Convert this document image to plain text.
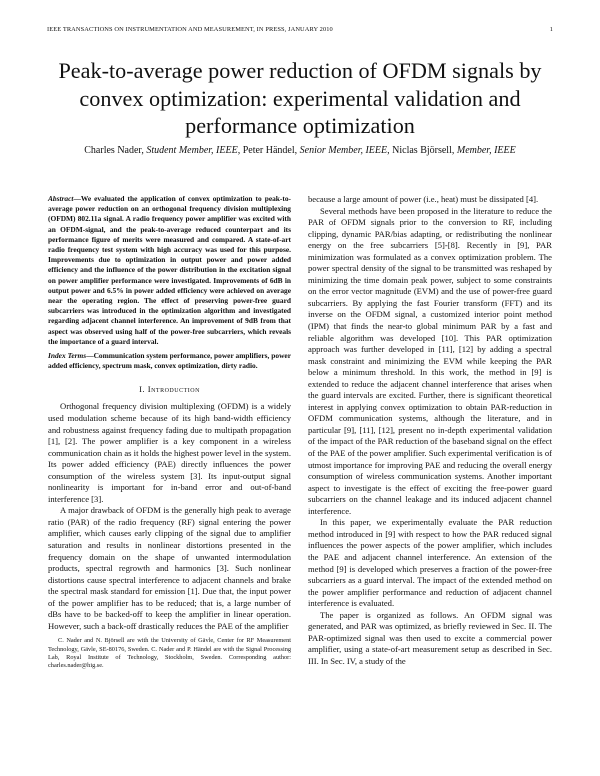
IEEE TRANSACTIONS ON INSTRUMENTATION AND MEASUREMENT, IN PRESS, JANUARY 2010	1
Peak-to-average power reduction of OFDM signals by convex optimization: experimental validation and performance optimization
Charles Nader, Student Member, IEEE, Peter Händel, Senior Member, IEEE, Niclas Björsell, Member, IEEE

Abstract—We evaluated the application of convex optimization to peak-to-average power reduction on an orthogonal frequency division multiplexing (OFDM) 802.11a signal. A radio frequency power amplifier was excited with an OFDM-signal, and the peak-to-average reduced counterpart and its performance figure of merits were measured and compared. A state-of-art radio frequency test system with high accuracy was used for this purpose. Improvements due to optimization in output power and power added efficiency and the influence of the power distribution in the excitation signal on power amplifier performance were investigated. Improvements of 6dB in output power and 6.5% in power added efficiency were achieved on average near the operating region. The effect of preserving power-free guard subcarriers was introduced in the optimization algorithm and investigated regarding adjacent channel interference. An improvement of 9dB from that aspect was observed using half of the power-free subcarriers, which reveals the importance of a guard interval.

Index Terms—Communication system performance, power amplifiers, power added efficiency, spectrum mask, convex optimization, dirty radio.

I. Introduction

Orthogonal frequency division multiplexing (OFDM) is a widely used modulation scheme because of its high band-width efficiency and robustness against frequency fading due to multipath propagation [1], [2]. The power amplifier is a key component in a wireless communication chain as it holds the highest power level in the system. Its power added efficiency (PAE) directly influences the power consumption of the wireless system [3]. Its input-output signal nonlinearity is important for in-band error and out-of-band interference [3].

A major drawback of OFDM is the generally high peak to average ratio (PAR) of the radio frequency (RF) signal entering the power amplifier, which causes early clipping of the signal due to amplifier saturation and results in nonlinear distortions presented in the frequency domain on the shape of unwanted intermodulation products, spectral regrowth and harmonics [3]. Such nonlinear distortions cause spectral interference to adjacent channels and brake the spectral mask standard for emission [1]. Due that, the input power of the power amplifier has to be reduced; that is, a large number of dBs have to be backed-off to keep the amplifier in linear operation. However, such a back-off drastically reduces the PAE of the amplifier

C. Nader and N. Björsell are with the University of Gävle, Center for RF Measurement Technology, Gävle, SE-80176, Sweden. C. Nader and P. Händel are with the Signal Processing Lab, Royal Institute of Technology, Stockholm, Sweden. Corresponding author: charles.nader@hig.se.

because a large amount of power (i.e., heat) must be dissipated [4].

Several methods have been proposed in the literature to reduce the PAR of OFDM signals prior to the conversion to RF, including clipping, dynamic PAR/bias adapting, or redistributing the nonlinear energy on the free subcarriers [5]-[8]. Recently in [9], PAR minimization was formulated as a convex optimization problem. The power spectral density of the signal to be transmitted was reshaped by minimizing the time domain peak power, subject to some constraints on the error vector magnitude (EVM) and the use of power-free guard subcarriers. By applying the fast Fourier transform (FFT) and its inverse on the OFDM signal, a customized interior point method (IPM) that finds the near-to global minimum PAR by a fast and reliable algorithm was developed [10]. This PAR optimization approach was further developed in [11], [12] by adding a spectral mask constraint and minimizing the EVM while keeping the PAR below a minimum threshold. In this work, the method in [9] is extended to reduce the adjacent channel interference that arises when the guard intervals are excited. Further, there is significant theoretical interest in applying convex optimization to obtain PAR-reduction in OFDM communication systems, although the literature, and in particular [9], [11], [12], present no in-depth experimental validation of the impact of the PAR reduction of the baseband signal on the effect of the PAE of the power amplifier. Such experimental verification is of utmost importance for improving PAE and reducing the overall energy consumption of wireless communication systems. Another important aspect to investigate is the effect of exciting the free-power guard subcarriers on the channel leakage and its induced adjacent channel interference.

In this paper, we experimentally evaluate the PAR reduction method introduced in [9] with respect to how the PAR reduced signal influences the power aspects of the power amplifier, which includes the PAE and adjacent channel interference. An extension of the method [9] is developed which preserves a fraction of the power-free subcarriers as a guard interval. The impact of the extended method on the power amplifier performance and reduction of adjacent channel interference is evaluated.

The paper is organized as follows. An OFDM signal was generated, and PAR was optimized, as briefly reviewed in Sec. II. The PAR-optimized signal was then used to excite a commercial power amplifier, using a state-of-art measurement setup as described in Sec. III. In Sec. IV, a study of the
